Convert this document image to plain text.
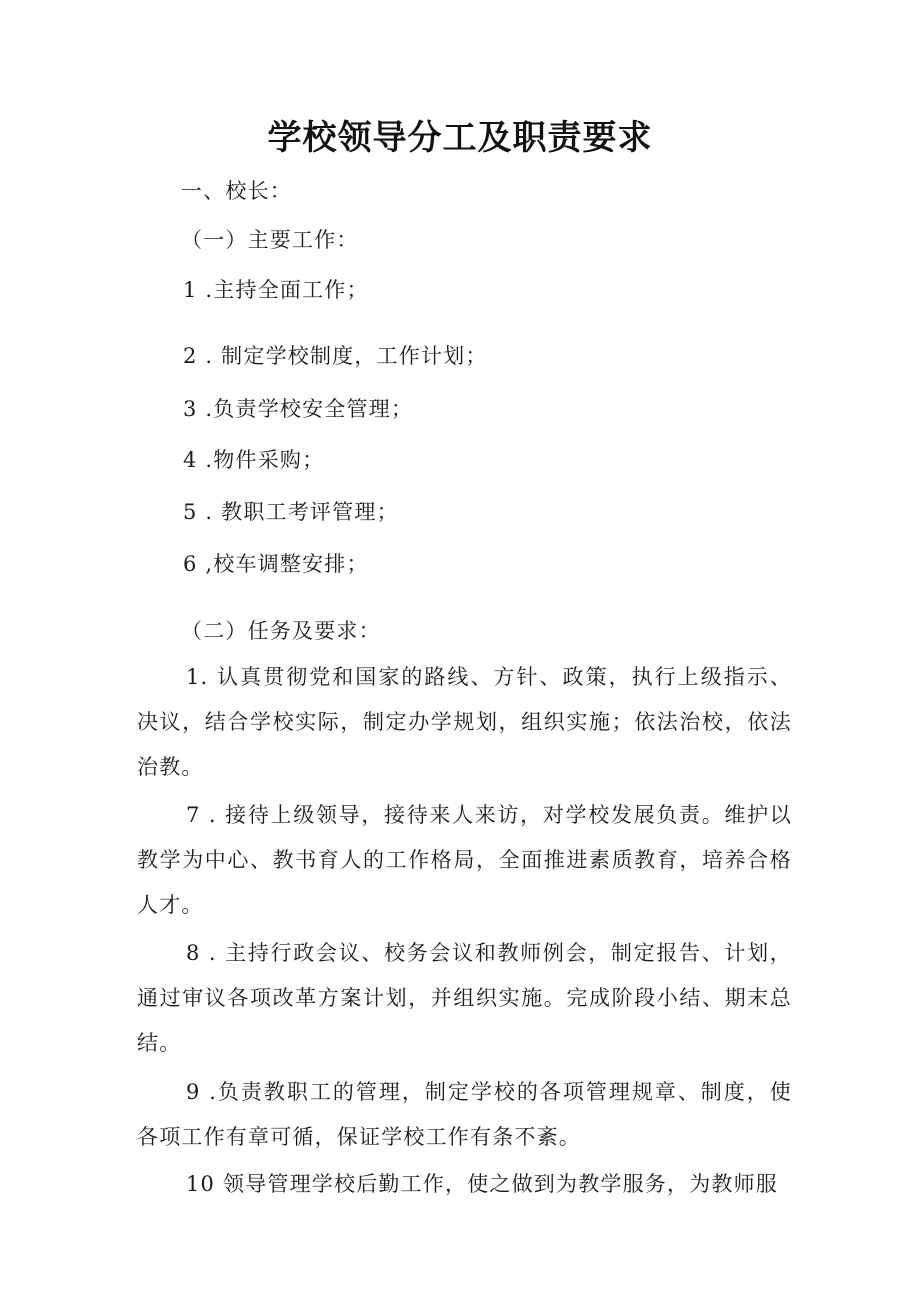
学校领导分工及职责要求

一、校长：

（一）主要工作：

1 .主持全面工作；

2 . 制定学校制度，工作计划；

3 .负责学校安全管理；

4 .物件采购；

5 . 教职工考评管理；

6 ,校车调整安排；

（二）任务及要求：

1. 认真贯彻党和国家的路线、方针、政策，执行上级指示、决议，结合学校实际，制定办学规划，组织实施；依法治校，依法治教。

7 . 接待上级领导，接待来人来访，对学校发展负责。维护以教学为中心、教书育人的工作格局，全面推进素质教育，培养合格人才。

8 . 主持行政会议、校务会议和教师例会，制定报告、计划，通过审议各项改革方案计划，并组织实施。完成阶段小结、期末总结。

9 .负责教职工的管理，制定学校的各项管理规章、制度，使各项工作有章可循，保证学校工作有条不紊。

10 领导管理学校后勤工作，使之做到为教学服务，为教师服
